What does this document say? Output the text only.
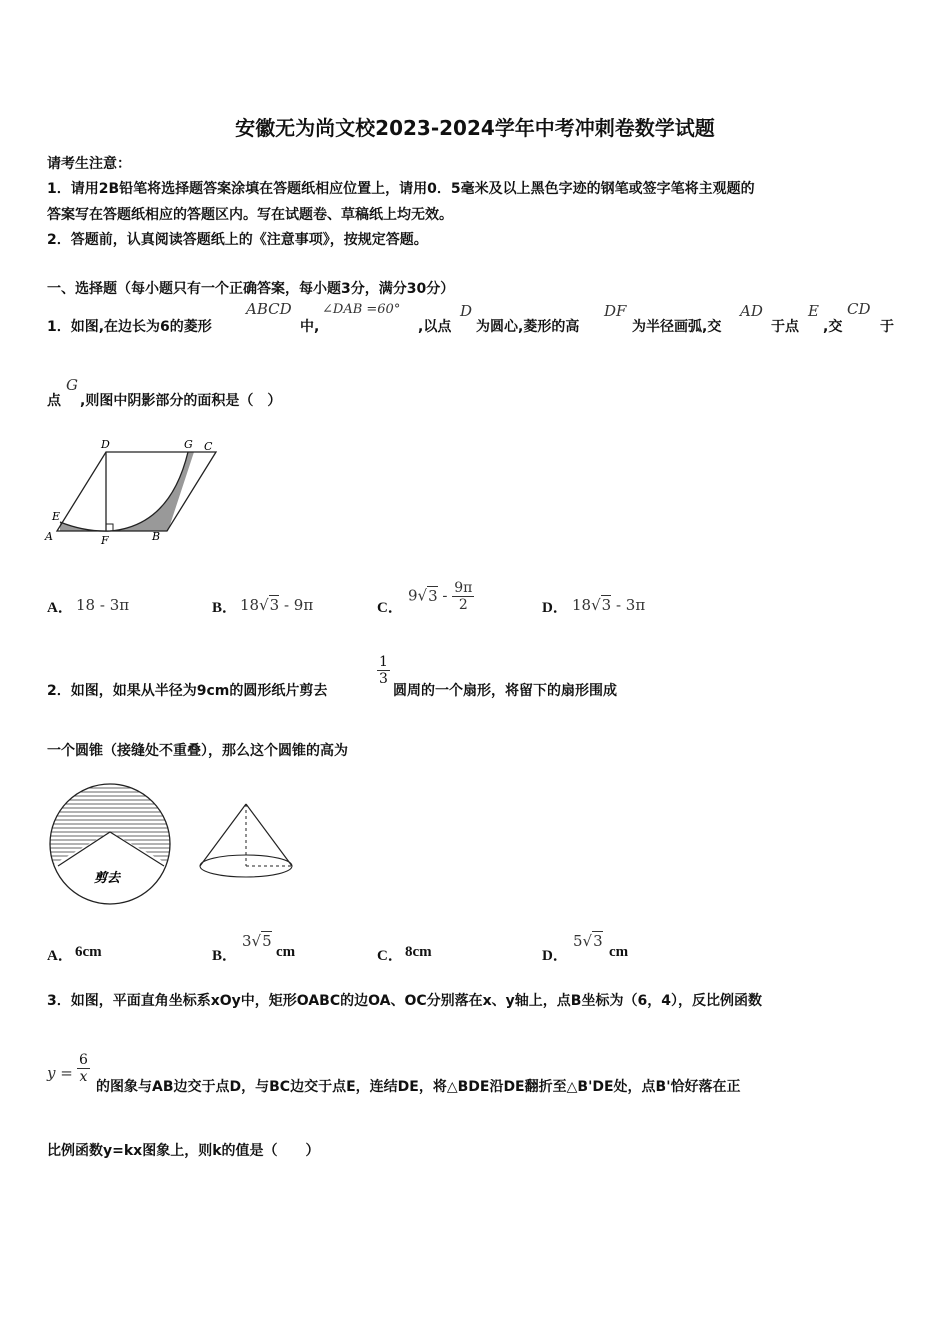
安徽无为尚文校2023-2024学年中考冲刺卷数学试题
请考生注意：
1．请用2B铅笔将选择题答案涂填在答题纸相应位置上，请用0．5毫米及以上黑色字迹的钢笔或签字笔将主观题的
答案写在答题纸相应的答题区内。写在试题卷、草稿纸上均无效。
2．答题前，认真阅读答题纸上的《注意事项》，按规定答题。
一、选择题（每小题只有一个正确答案，每小题3分，满分30分）
1．如图,在边长为6的菱形
ABCD
中,
∠DAB =60°
,以点
D
为圆心,菱形的高
DF
为半径画弧,交
AD
于点
E
,交
CD
于
点
G
,则图中阴影部分的面积是（　）
D	G C
E
A	F	B
A． 18 - 3π	B． 18√3 - 9π	C．
$9√3 - \frac{9\pi}{2}$	D． 18√3 - 3π
2．如图，如果从半径为9cm的圆形纸片剪去
$\frac{1}{3}$
圆周的一个扇形，将留下的扇形围成
一个圆锥（接缝处不重叠），那么这个圆锥的高为
剪去
A． 6cm	B．
3√5
cm	C． 8cm	D．
5√3
cm
3．如图，平面直角坐标系xOy中，矩形OABC的边OA、OC分别落在x、y轴上，点B坐标为（6，4），反比例函数
$y = \frac{6}{x}$
的图象与AB边交于点D，与BC边交于点E，连结DE，将△BDE沿DE翻折至△B'DE处，点B'恰好落在正
比例函数y=kx图象上，则k的值是（　　）
